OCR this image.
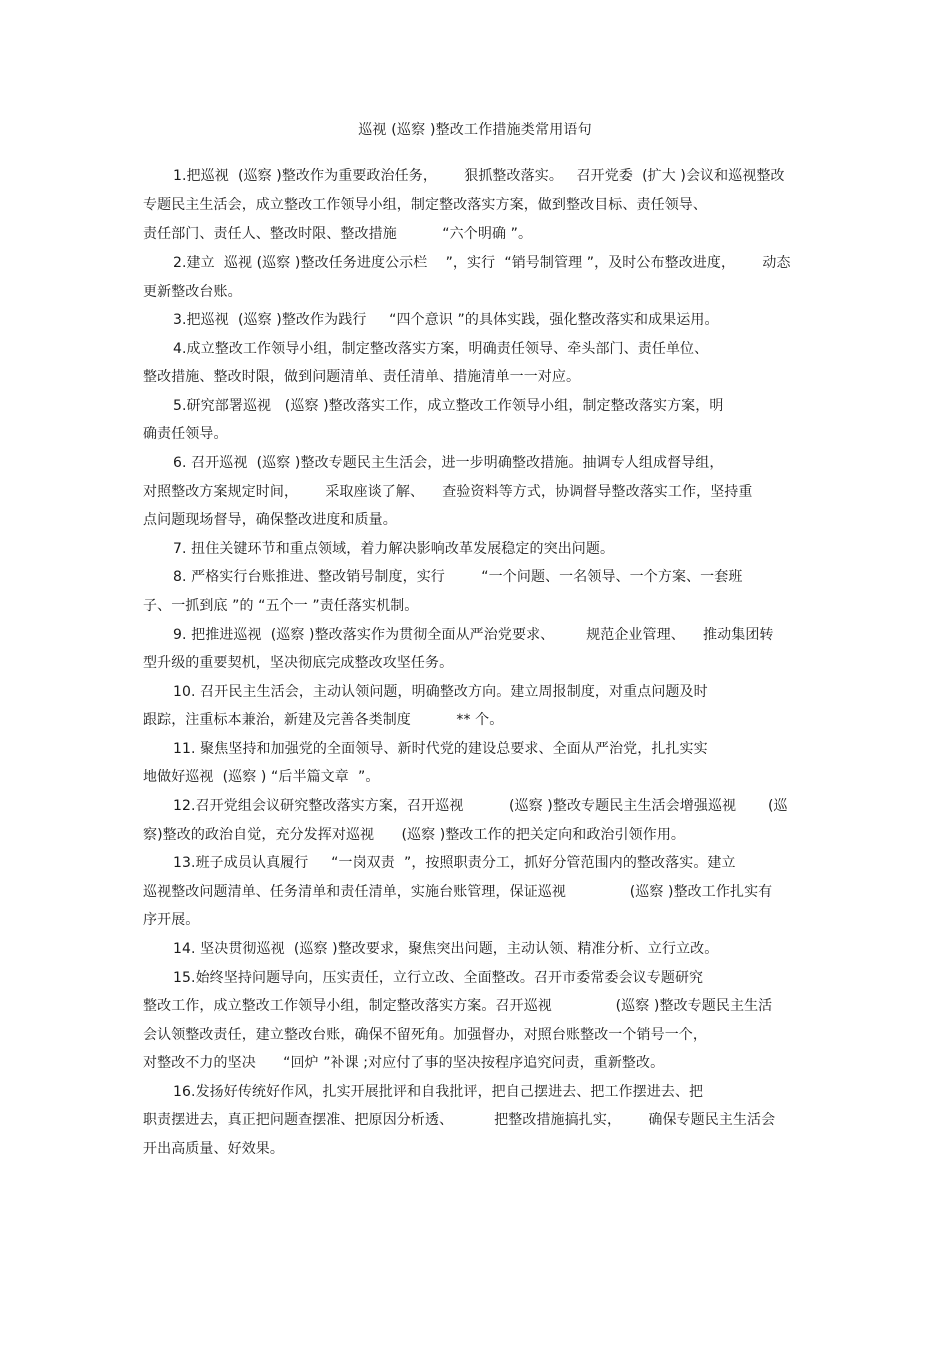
巡视 (巡察 )整改工作措施类常用语句
1.把巡视  (巡察 )整改作为重要政治任务，      狠抓整改落实。   召开党委  (扩大 )会议和巡视整改
专题民主生活会，成立整改工作领导小组，制定整改落实方案，做到整改目标、责任领导、
责任部门、责任人、整改时限、整改措施          “六个明确 ”。
2.建立  巡视 (巡察 )整改任务进度公示栏    ”，实行  “销号制管理 ”，及时公布整改进度，      动态
更新整改台账。
3.把巡视  (巡察 )整改作为践行     “四个意识 ”的具体实践，强化整改落实和成果运用。
4.成立整改工作领导小组，制定整改落实方案，明确责任领导、牵头部门、责任单位、
整改措施、整改时限，做到问题清单、责任清单、措施清单一一对应。
5.研究部署巡视   (巡察 )整改落实工作，成立整改工作领导小组，制定整改落实方案，明
确责任领导。
6. 召开巡视  (巡察 )整改专题民主生活会，进一步明确整改措施。抽调专人组成督导组，
对照整改方案规定时间，      采取座谈了解、    查验资料等方式，协调督导整改落实工作，坚持重
点问题现场督导，确保整改进度和质量。
7. 扭住关键环节和重点领域，着力解决影响改革发展稳定的突出问题。
8. 严格实行台账推进、整改销号制度，实行        “一个问题、一名领导、一个方案、一套班
子、一抓到底 ”的 “五个一 ”责任落实机制。
9. 把推进巡视  (巡察 )整改落实作为贯彻全面从严治党要求、       规范企业管理、    推动集团转
型升级的重要契机，坚决彻底完成整改攻坚任务。
10. 召开民主生活会，主动认领问题，明确整改方向。建立周报制度，对重点问题及时
跟踪，注重标本兼治，新建及完善各类制度          ** 个。
11. 聚焦坚持和加强党的全面领导、新时代党的建设总要求、全面从严治党，扎扎实实
地做好巡视  (巡察 ) “后半篇文章  ”。
12.召开党组会议研究整改落实方案，召开巡视          (巡察 )整改专题民主生活会增强巡视       (巡
察)整改的政治自觉，充分发挥对巡视      (巡察 )整改工作的把关定向和政治引领作用。
13.班子成员认真履行     “一岗双责  ”，按照职责分工，抓好分管范围内的整改落实。建立
巡视整改问题清单、任务清单和责任清单，实施台账管理，保证巡视              (巡察 )整改工作扎实有
序开展。
14. 坚决贯彻巡视  (巡察 )整改要求，聚焦突出问题，主动认领、精准分析、立行立改。
15.始终坚持问题导向，压实责任，立行立改、全面整改。召开市委常委会议专题研究
整改工作，成立整改工作领导小组，制定整改落实方案。召开巡视              (巡察 )整改专题民主生活
会认领整改责任，建立整改台账，确保不留死角。加强督办，对照台账整改一个销号一个，
对整改不力的坚决      “回炉 ”补课 ;对应付了事的坚决按程序追究问责，重新整改。
16.发扬好传统好作风，扎实开展批评和自我批评，把自己摆进去、把工作摆进去、把
职责摆进去，真正把问题查摆准、把原因分析透、         把整改措施搞扎实，      确保专题民主生活会
开出高质量、好效果。
